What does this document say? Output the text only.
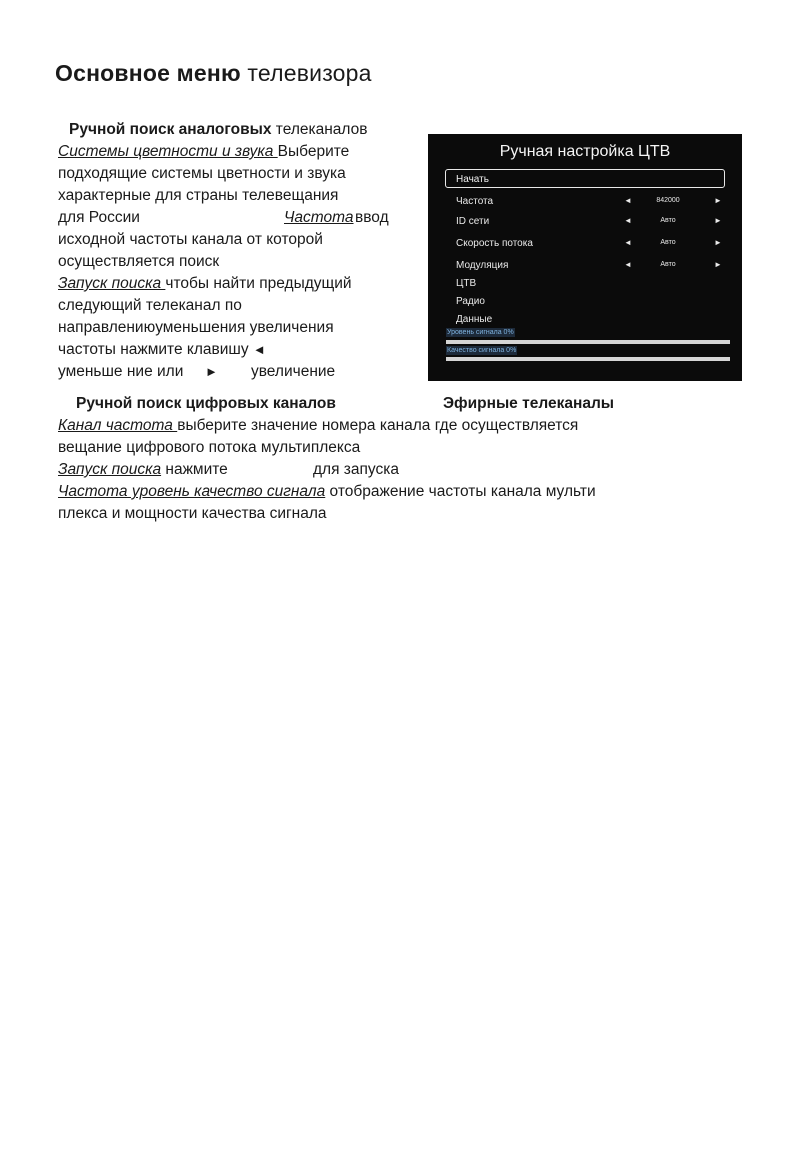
Основное меню телевизора
Ручной поиск аналоговых телеканалов
Системы цветности и звука Выберите
подходящие системы цветности и звука
характерные для страны телевещания
для России	Частота ввод
исходной частоты канала от которой
осуществляется поиск
Запуск поиска чтобы найти предыдущий
следующий телеканал по
направлениюуменьшения увеличения
частоты нажмите клавишу ◄
уменьше ние или ► увеличение
Ручная настройка ЦТВ
Начать
Частота	◄	842000	►
ID сети	◄	Авто	►
Скорость потока	◄	Авто	►
Модуляция	◄	Авто	►
ЦТВ
Радио
Данные
Уровень сигнала 0%
Качество сигнала 0%
Ручной поиск цифровых каналов	Эфирные телеканалы
Канал частота выберите значение номера канала где осуществляется
вещание цифрового потока мультиплекса
Запуск поиска нажмите	для запуска
Частота уровень качество сигнала отображение частоты канала мульти
плекса и мощности качества сигнала
